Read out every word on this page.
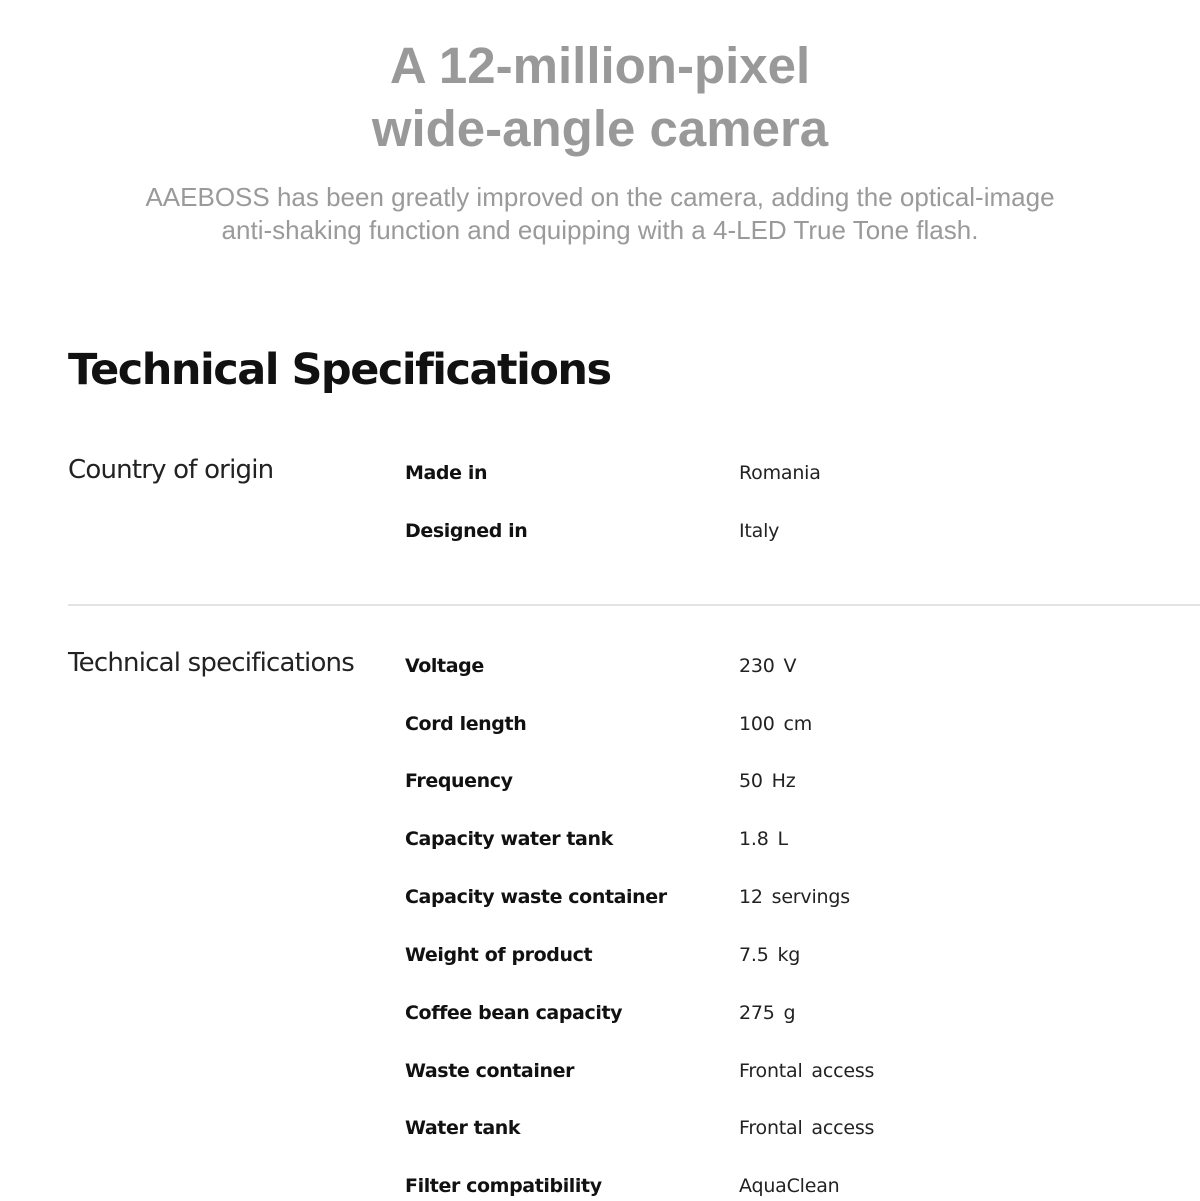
A 12-million-pixel
wide-angle camera
AAEBOSS has been greatly improved on the camera, adding the optical-image
anti-shaking function and equipping with a 4-LED True Tone flash.
Technical Specifications
Country of origin	Made in	Romania
Designed in	Italy
Technical specifications	Voltage	230 V
Cord length	100 cm
Frequency	50 Hz
Capacity water tank	1.8 L
Capacity waste container	12 servings
Weight of product	7.5 kg
Coffee bean capacity	275 g
Waste container	Frontal access
Water tank	Frontal access
Filter compatibility	AquaClean
